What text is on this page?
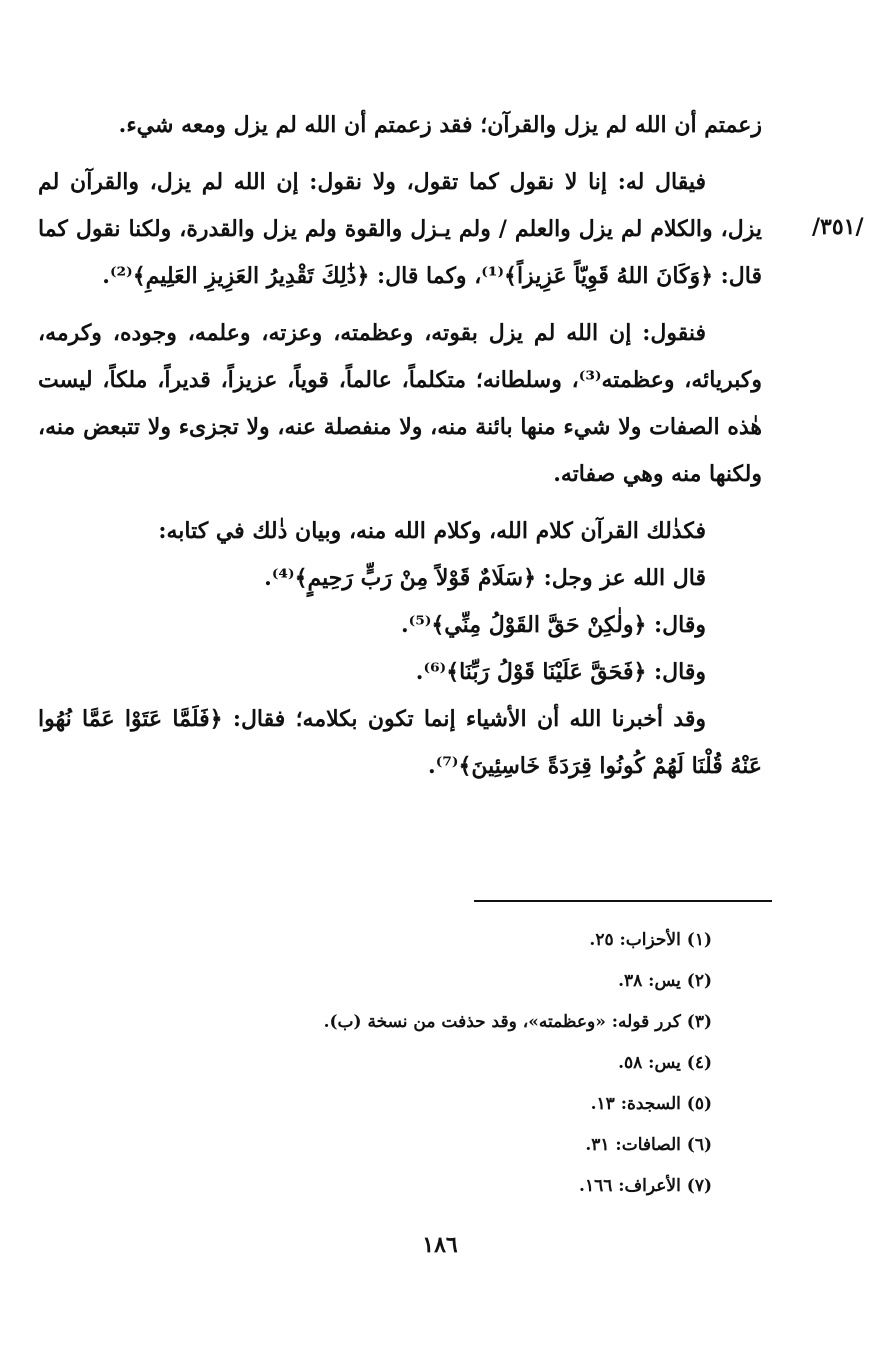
/٣٥١/

زعمتم أن الله لم يزل والقرآن؛ فقد زعمتم أن الله لم يزل ومعه شيء.

فيقال له: إنا لا نقول كما تقول، ولا نقول: إن الله لم يزل، والقرآن لم يزل، والكلام لم يزل والعلم / ولم يـزل والقوة ولم يزل والقدرة، ولكنا نقول كما قال: ﴿وَكَانَ اللهُ قَوِيّاً عَزِيزاً﴾⁽¹⁾، وكما قال: ﴿ذَٰلِكَ تَقْدِيرُ العَزِيزِ العَلِيمِ﴾⁽²⁾.

فنقول: إن الله لم يزل بقوته، وعظمته، وعزته، وعلمه، وجوده، وكرمه، وكبريائه، وعظمته⁽³⁾، وسلطانه؛ متكلماً، عالماً، قوياً، عزيزاً، قديراً، ملكاً، ليست هٰذه الصفات ولا شيء منها بائنة منه، ولا منفصلة عنه، ولا تجزىء ولا تتبعض منه، ولكنها منه وهي صفاته.

فكذٰلك القرآن كلام الله، وكلام الله منه، وبيان ذٰلك في كتابه:

قال الله عز وجل: ﴿سَلَامٌ قَوْلاً مِنْ رَبٍّ رَحِيمٍ﴾⁽⁴⁾.

وقال: ﴿ولٰكِنْ حَقَّ القَوْلُ مِنِّي﴾⁽⁵⁾.

وقال: ﴿فَحَقَّ عَلَيْنَا قَوْلُ رَبِّنَا﴾⁽⁶⁾.

وقد أخبرنا الله أن الأشياء إنما تكون بكلامه؛ فقال: ﴿فَلَمَّا عَتَوْا عَمَّا نُهُوا عَنْهُ قُلْنَا لَهُمْ كُونُوا قِرَدَةً خَاسِئِينَ﴾⁽⁷⁾.

(١) الأحزاب: ٢٥.

(٢) يس: ٣٨.

(٣) كرر قوله: «وعظمته»، وقد حذفت من نسخة (ب).

(٤) يس: ٥٨.

(٥) السجدة: ١٣.

(٦) الصافات: ٣١.

(٧) الأعراف: ١٦٦.

١٨٦
